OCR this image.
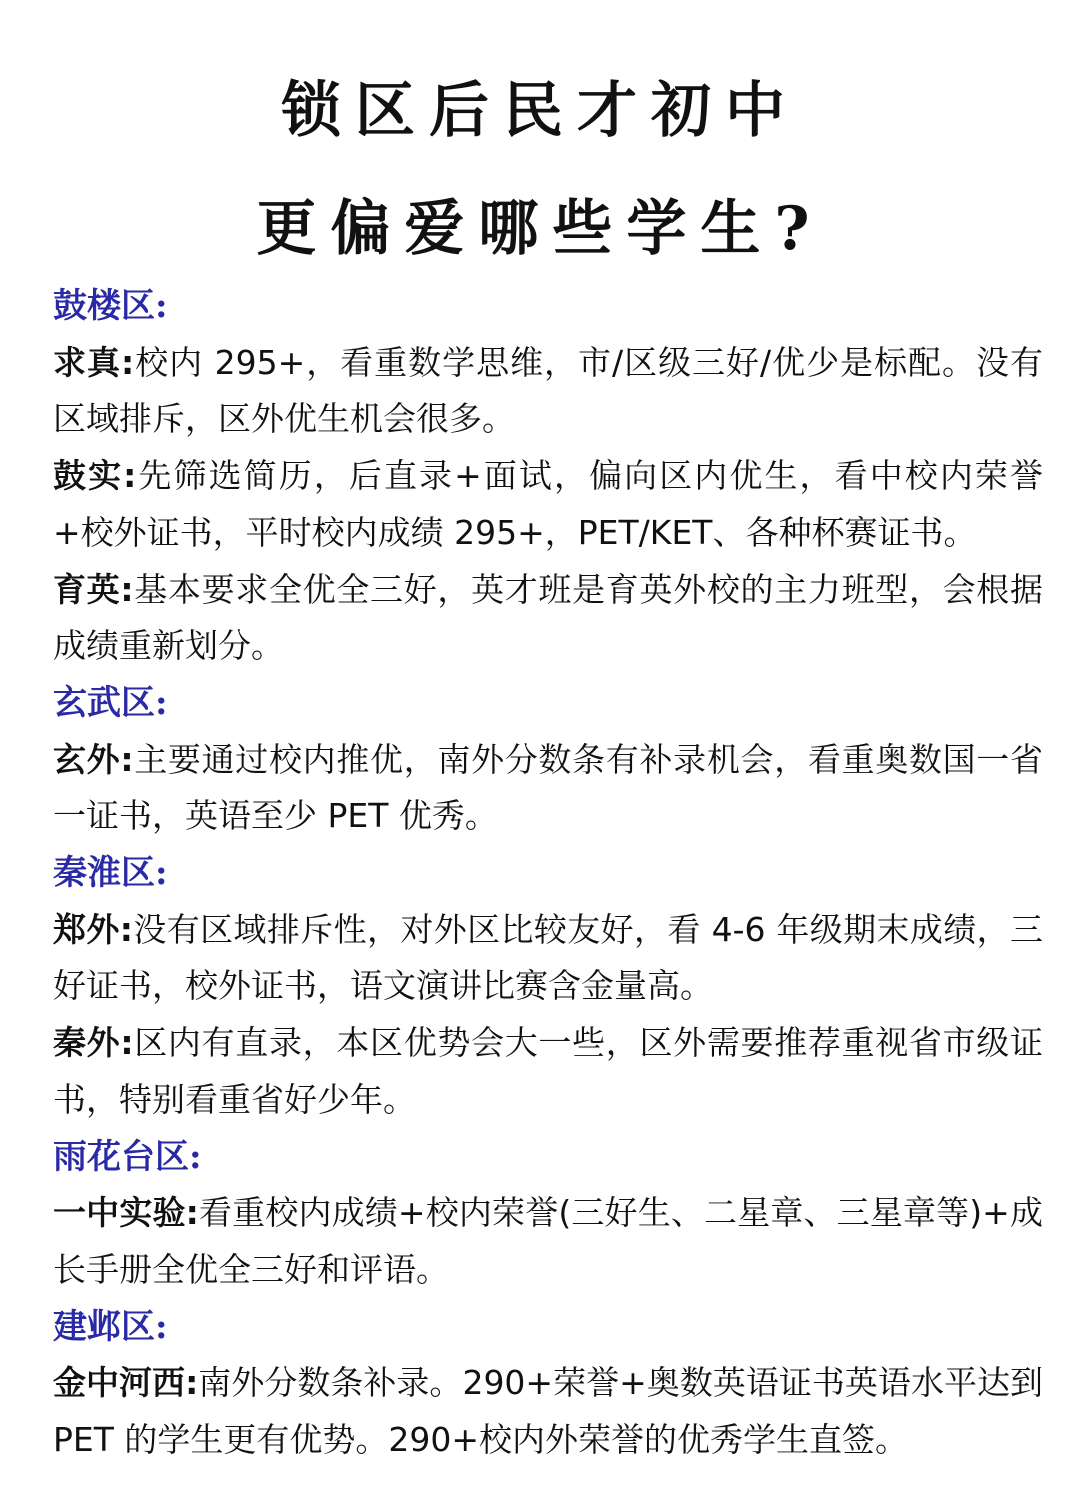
锁区后民才初中
更偏爱哪些学生?
鼓楼区:
求真:校内 295+，看重数学思维，市/区级三好/优少是标配。没有区域排斥，区外优生机会很多。
鼓实:先筛选简历，后直录+面试，偏向区内优生，看中校内荣誉+校外证书，平时校内成绩 295+，PET/KET、各种杯赛证书。
育英:基本要求全优全三好，英才班是育英外校的主力班型，会根据成绩重新划分。
玄武区:
玄外:主要通过校内推优，南外分数条有补录机会，看重奥数国一省一证书，英语至少 PET 优秀。
秦淮区:
郑外:没有区域排斥性，对外区比较友好，看 4-6 年级期末成绩，三好证书，校外证书，语文演讲比赛含金量高。
秦外:区内有直录，本区优势会大一些，区外需要推荐重视省市级证书，特别看重省好少年。
雨花台区:
一中实验:看重校内成绩+校内荣誉(三好生、二星章、三星章等)+成长手册全优全三好和评语。
建邺区:
金中河西:南外分数条补录。290+荣誉+奥数英语证书英语水平达到 PET 的学生更有优势。290+校内外荣誉的优秀学生直签。
